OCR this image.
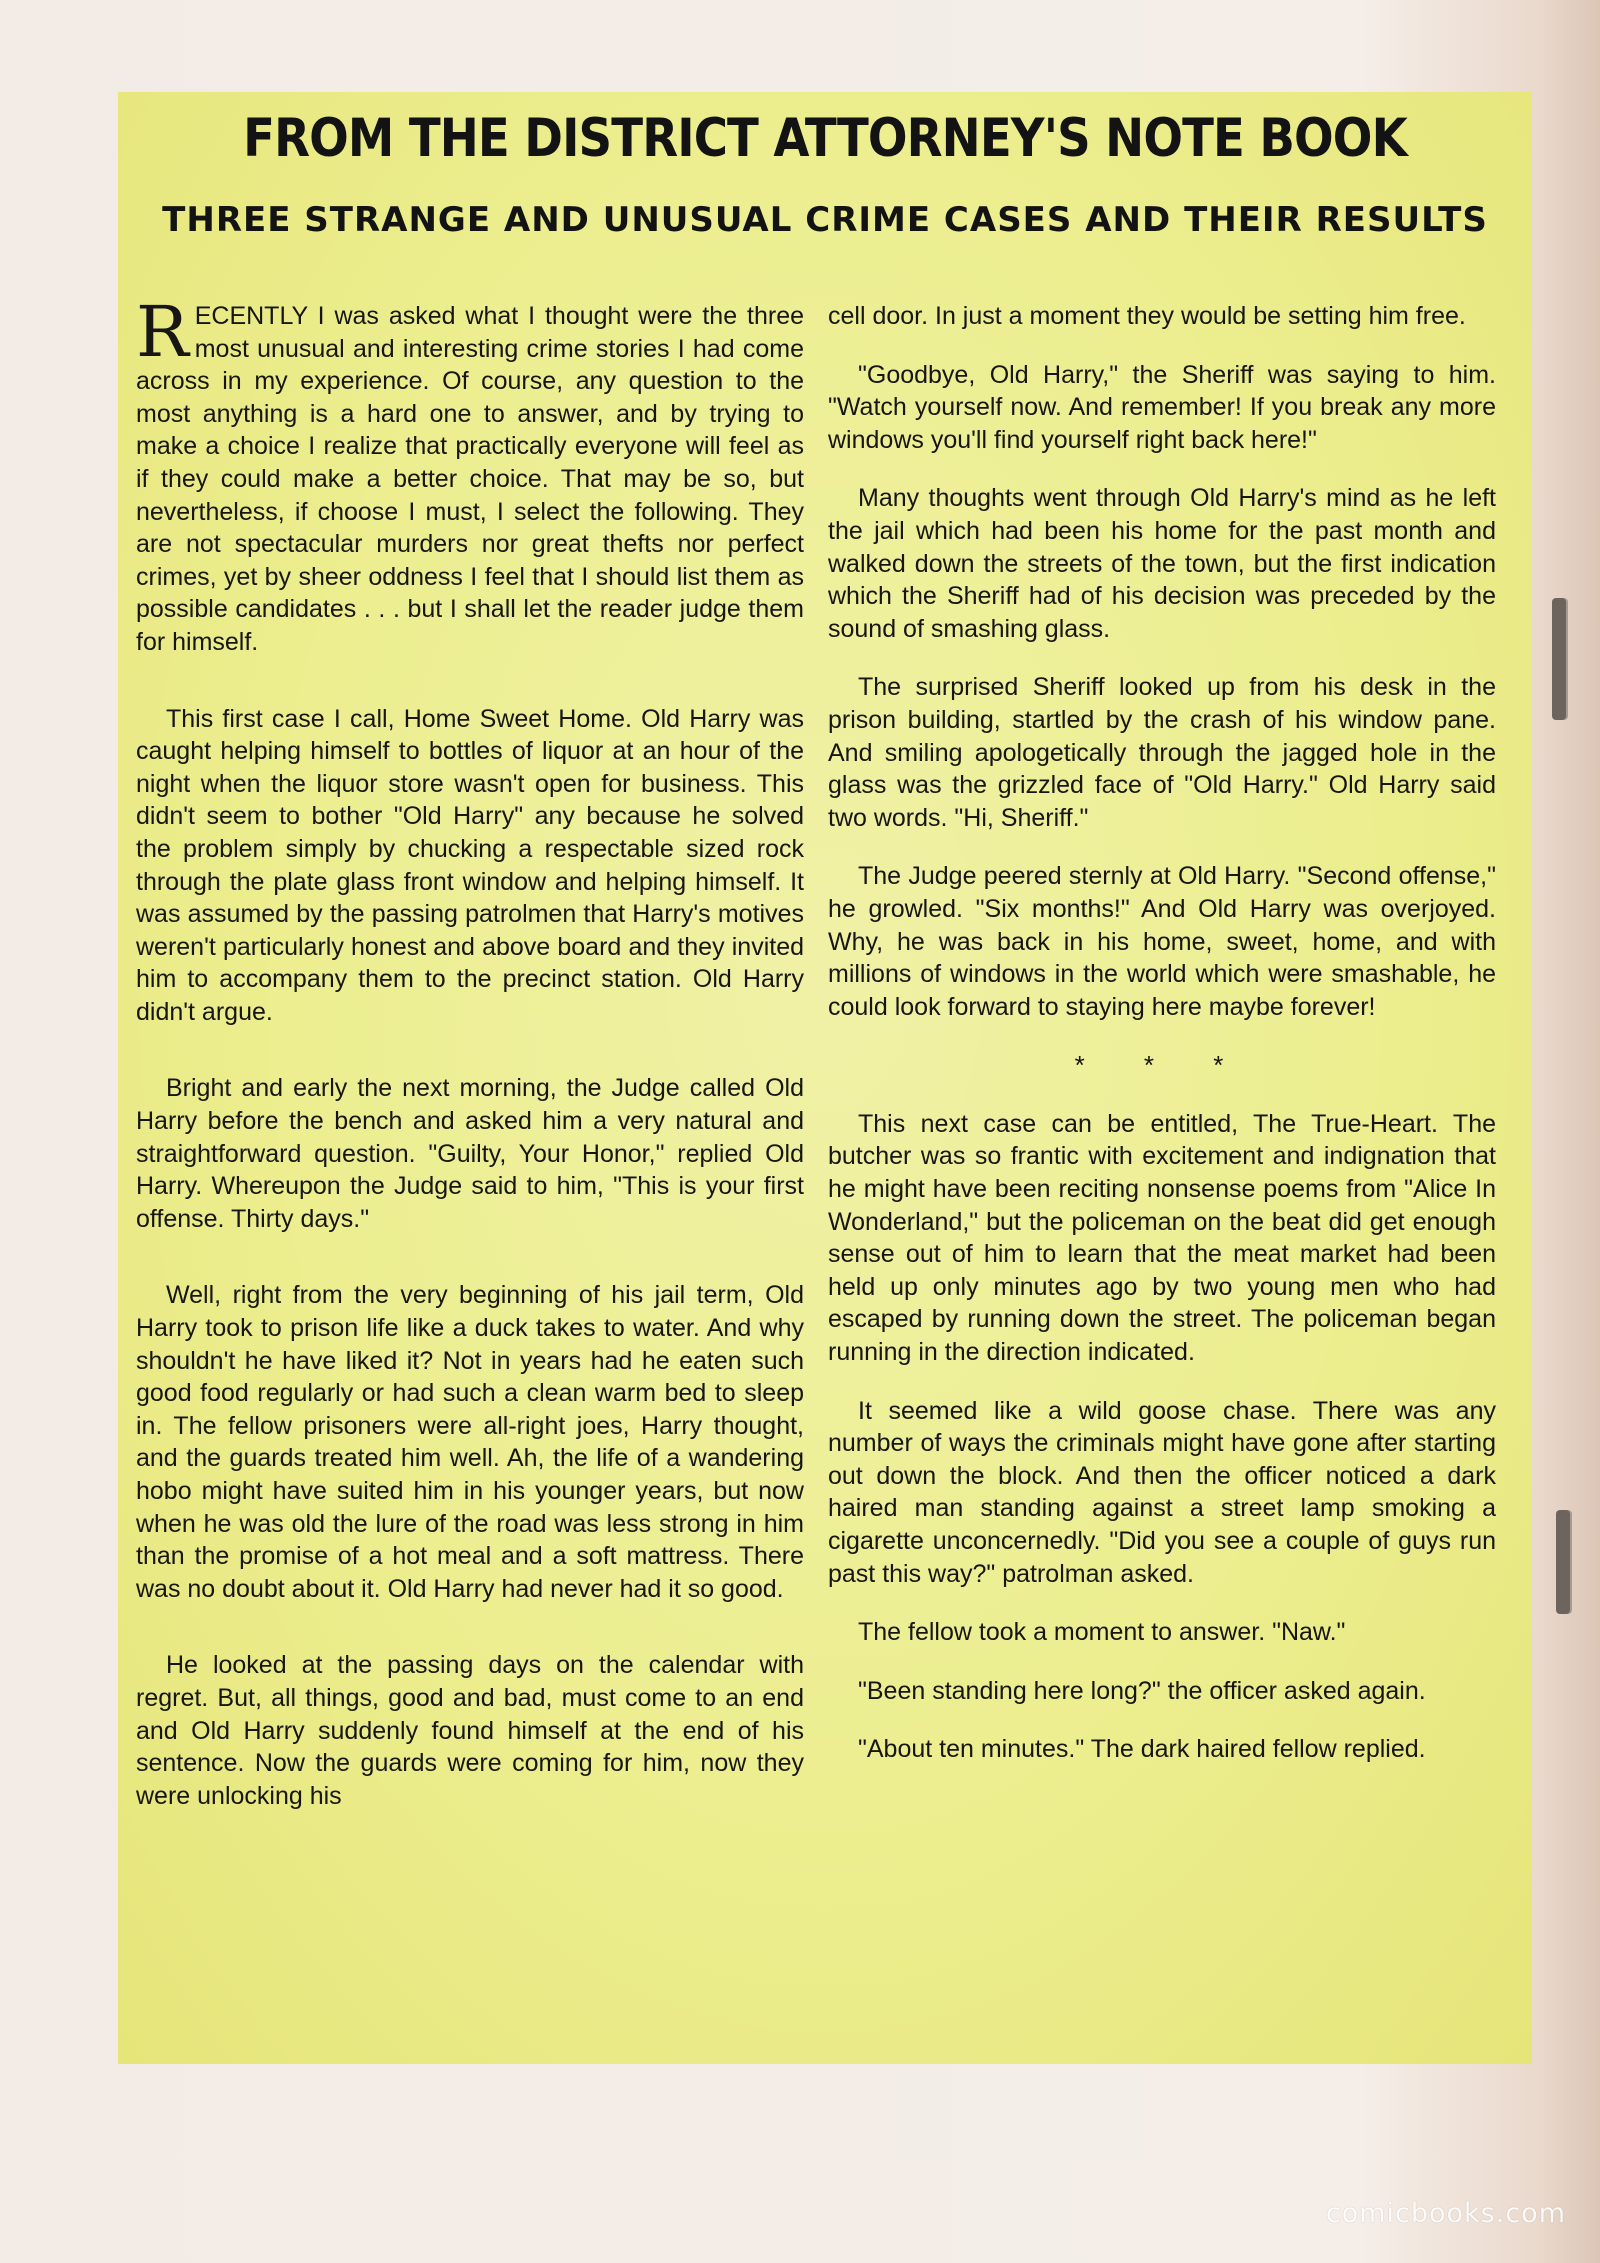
FROM THE DISTRICT ATTORNEY'S NOTE BOOK
THREE STRANGE AND UNUSUAL CRIME CASES AND THEIR RESULTS

RECENTLY I was asked what I thought were the three most unusual and interesting crime stories I had come across in my experience. Of course, any question to the most anything is a hard one to answer, and by trying to make a choice I realize that practically everyone will feel as if they could make a better choice. That may be so, but nevertheless, if choose I must, I select the following. They are not spectacular murders nor great thefts nor perfect crimes, yet by sheer oddness I feel that I should list them as possible candidates . . . but I shall let the reader judge them for himself.

This first case I call, Home Sweet Home. Old Harry was caught helping himself to bottles of liquor at an hour of the night when the liquor store wasn't open for business. This didn't seem to bother "Old Harry" any because he solved the problem simply by chucking a respectable sized rock through the plate glass front window and helping himself. It was assumed by the passing patrolmen that Harry's motives weren't particularly honest and above board and they invited him to accompany them to the precinct station. Old Harry didn't argue.

Bright and early the next morning, the Judge called Old Harry before the bench and asked him a very natural and straightforward question. "Guilty, Your Honor," replied Old Harry. Whereupon the Judge said to him, "This is your first offense. Thirty days."

Well, right from the very beginning of his jail term, Old Harry took to prison life like a duck takes to water. And why shouldn't he have liked it? Not in years had he eaten such good food regularly or had such a clean warm bed to sleep in. The fellow prisoners were all-right joes, Harry thought, and the guards treated him well. Ah, the life of a wandering hobo might have suited him in his younger years, but now when he was old the lure of the road was less strong in him than the promise of a hot meal and a soft mattress. There was no doubt about it. Old Harry had never had it so good.

He looked at the passing days on the calendar with regret. But, all things, good and bad, must come to an end and Old Harry suddenly found himself at the end of his sentence. Now the guards were coming for him, now they were unlocking his

cell door. In just a moment they would be setting him free.

"Goodbye, Old Harry," the Sheriff was saying to him. "Watch yourself now. And remember! If you break any more windows you'll find yourself right back here!"

Many thoughts went through Old Harry's mind as he left the jail which had been his home for the past month and walked down the streets of the town, but the first indication which the Sheriff had of his decision was preceded by the sound of smashing glass.

The surprised Sheriff looked up from his desk in the prison building, startled by the crash of his window pane. And smiling apologetically through the jagged hole in the glass was the grizzled face of "Old Harry." Old Harry said two words. "Hi, Sheriff."

The Judge peered sternly at Old Harry. "Second offense," he growled. "Six months!" And Old Harry was overjoyed. Why, he was back in his home, sweet, home, and with millions of windows in the world which were smashable, he could look forward to staying here maybe forever!

* * *

This next case can be entitled, The True-Heart. The butcher was so frantic with excitement and indignation that he might have been reciting nonsense poems from "Alice In Wonderland," but the policeman on the beat did get enough sense out of him to learn that the meat market had been held up only minutes ago by two young men who had escaped by running down the street. The policeman began running in the direction indicated.

It seemed like a wild goose chase. There was any number of ways the criminals might have gone after starting out down the block. And then the officer noticed a dark haired man standing against a street lamp smoking a cigarette unconcernedly. "Did you see a couple of guys run past this way?" patrolman asked.

The fellow took a moment to answer. "Naw."

"Been standing here long?" the officer asked again.

"About ten minutes." The dark haired fellow replied.

comicbooks.com
